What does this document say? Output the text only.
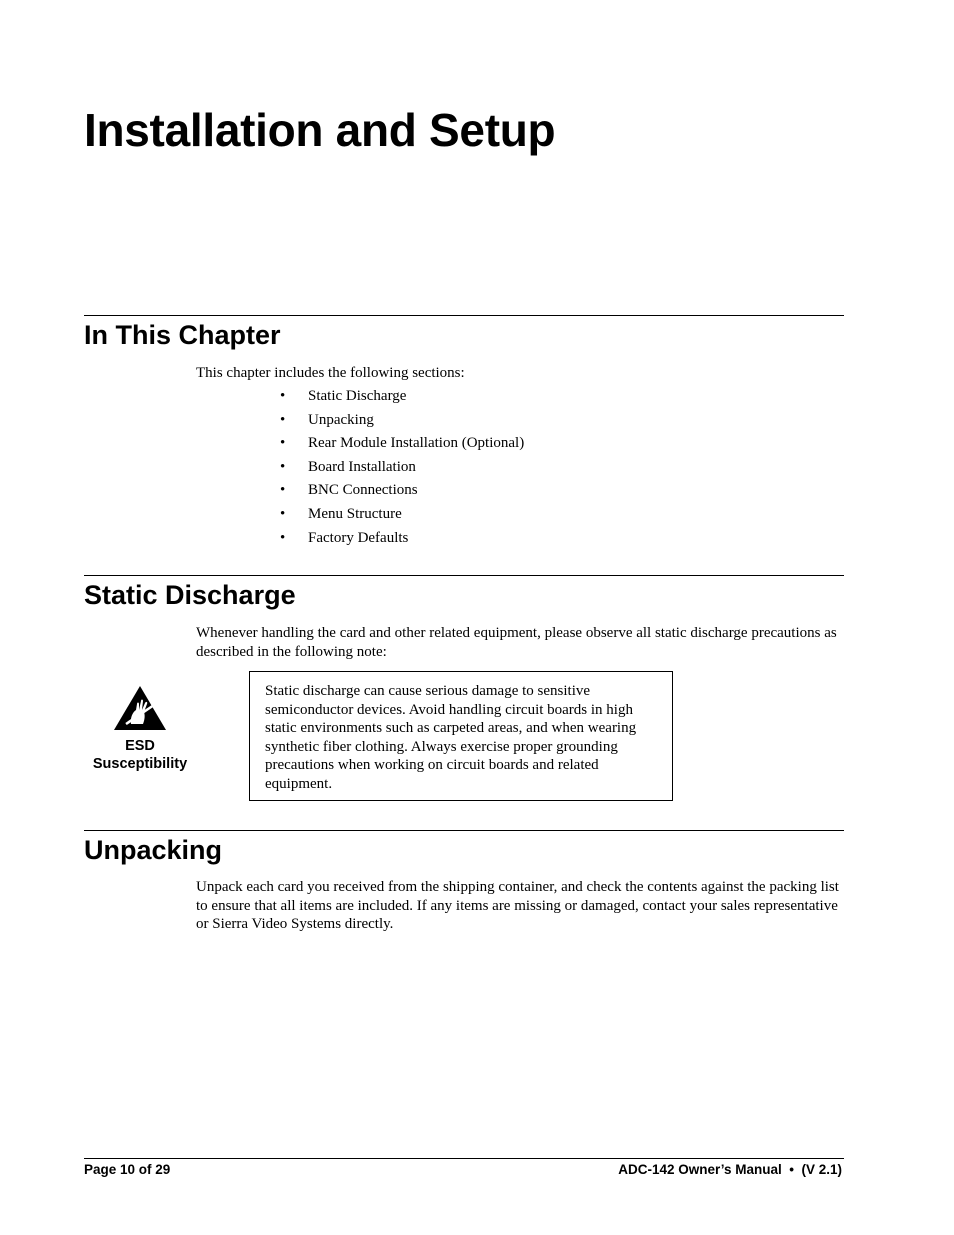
Installation and Setup
In This Chapter

This chapter includes the following sections:

•	Static Discharge
•	Unpacking
•	Rear Module Installation (Optional)
•	Board Installation
•	BNC Connections
•	Menu Structure
•	Factory Defaults
Static Discharge

Whenever handling the card and other related equipment, please observe all static discharge precautions as described in the following note:

ESD
Susceptibility
Static discharge can cause serious damage to sensitive semiconductor devices. Avoid handling circuit boards in high static environments such as carpeted areas, and when wearing synthetic fiber clothing. Always exercise proper grounding precautions when working on circuit boards and related equipment.
Unpacking

Unpack each card you received from the shipping container, and check the contents against the packing list to ensure that all items are included. If any items are missing or damaged, contact your sales representative or Sierra Video Systems directly.

Page 10 of 29	ADC-142 Owner’s Manual  •  (V 2.1)
